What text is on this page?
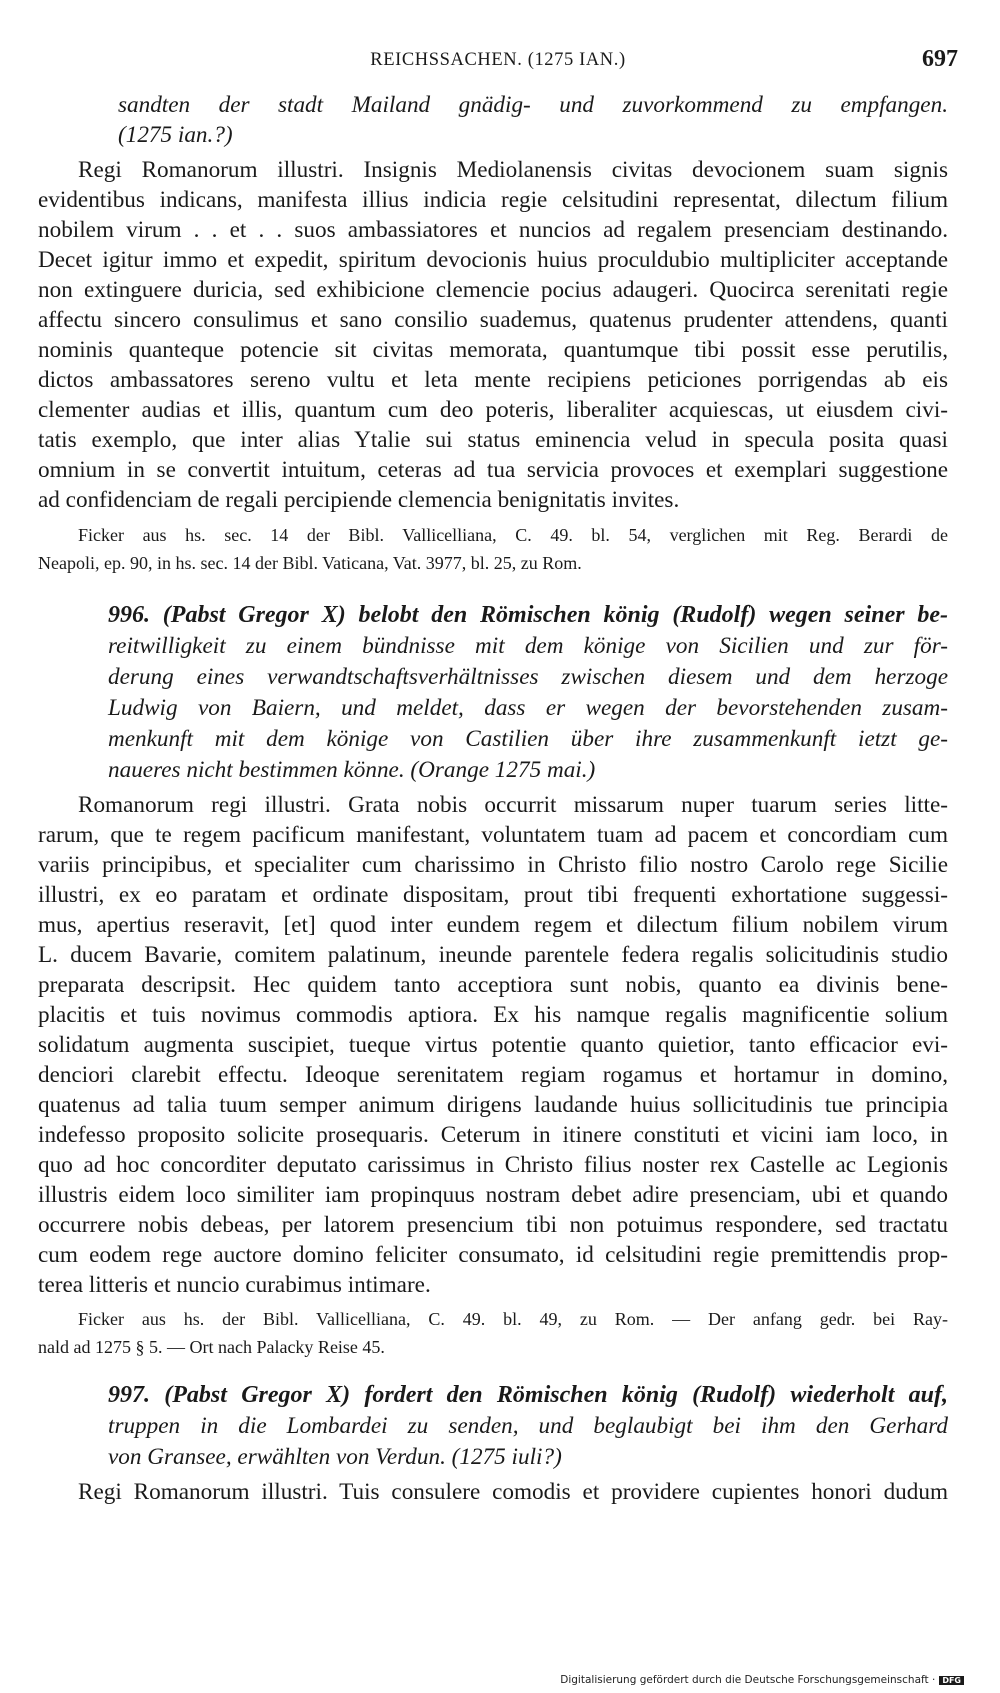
REICHSSACHEN. (1275 IAN.)	697
sandten der stadt Mailand gnädig- und zuvorkommend zu empfangen.
(1275 ian.?)
Regi Romanorum illustri. Insignis Mediolanensis civitas devocionem suam signis
evidentibus indicans, manifesta illius indicia regie celsitudini representat, dilectum filium
nobilem virum . . et . . suos ambassiatores et nuncios ad regalem presenciam destinando.
Decet igitur immo et expedit, spiritum devocionis huius proculdubio multipliciter acceptande
non extinguere duricia, sed exhibicione clemencie pocius adaugeri. Quocirca serenitati regie
affectu sincero consulimus et sano consilio suademus, quatenus prudenter attendens, quanti
nominis quanteque potencie sit civitas memorata, quantumque tibi possit esse perutilis,
dictos ambassatores sereno vultu et leta mente recipiens peticiones porrigendas ab eis
clementer audias et illis, quantum cum deo poteris, liberaliter acquiescas, ut eiusdem civi-
tatis exemplo, que inter alias Ytalie sui status eminencia velud in specula posita quasi
omnium in se convertit intuitum, ceteras ad tua servicia provoces et exemplari suggestione
ad confidenciam de regali percipiende clemencia benignitatis invites.
Ficker aus hs. sec. 14 der Bibl. Vallicelliana, C. 49. bl. 54, verglichen mit Reg. Berardi de
Neapoli, ep. 90, in hs. sec. 14 der Bibl. Vaticana, Vat. 3977, bl. 25, zu Rom.
996. (Pabst Gregor X) belobt den Römischen könig (Rudolf) wegen seiner be-
reitwilligkeit zu einem bündnisse mit dem könige von Sicilien und zur för-
derung eines verwandtschaftsverhältnisses zwischen diesem und dem herzoge
Ludwig von Baiern, und meldet, dass er wegen der bevorstehenden zusam-
menkunft mit dem könige von Castilien über ihre zusammenkunft ietzt ge-
naueres nicht bestimmen könne. (Orange 1275 mai.)
Romanorum regi illustri. Grata nobis occurrit missarum nuper tuarum series litte-
rarum, que te regem pacificum manifestant, voluntatem tuam ad pacem et concordiam cum
variis principibus, et specialiter cum charissimo in Christo filio nostro Carolo rege Sicilie
illustri, ex eo paratam et ordinate dispositam, prout tibi frequenti exhortatione suggessi-
mus, apertius reseravit, [et] quod inter eundem regem et dilectum filium nobilem virum
L. ducem Bavarie, comitem palatinum, ineunde parentele federa regalis solicitudinis studio
preparata descripsit. Hec quidem tanto acceptiora sunt nobis, quanto ea divinis bene-
placitis et tuis novimus commodis aptiora. Ex his namque regalis magnificentie solium
solidatum augmenta suscipiet, tueque virtus potentie quanto quietior, tanto efficacior evi-
denciori clarebit effectu. Ideoque serenitatem regiam rogamus et hortamur in domino,
quatenus ad talia tuum semper animum dirigens laudande huius sollicitudinis tue principia
indefesso proposito solicite prosequaris. Ceterum in itinere constituti et vicini iam loco, in
quo ad hoc concorditer deputato carissimus in Christo filius noster rex Castelle ac Legionis
illustris eidem loco similiter iam propinquus nostram debet adire presenciam, ubi et quando
occurrere nobis debeas, per latorem presencium tibi non potuimus respondere, sed tractatu
cum eodem rege auctore domino feliciter consumato, id celsitudini regie premittendis prop-
terea litteris et nuncio curabimus intimare.
Ficker aus hs. der Bibl. Vallicelliana, C. 49. bl. 49, zu Rom. — Der anfang gedr. bei Ray-
nald ad 1275 § 5. — Ort nach Palacky Reise 45.
997. (Pabst Gregor X) fordert den Römischen könig (Rudolf) wiederholt auf,
truppen in die Lombardei zu senden, und beglaubigt bei ihm den Gerhard
von Gransee, erwählten von Verdun. (1275 iuli?)
Regi Romanorum illustri. Tuis consulere comodis et providere cupientes honori dudum
Digitalisierung gefördert durch die Deutsche Forschungsgemeinschaft · DFG
